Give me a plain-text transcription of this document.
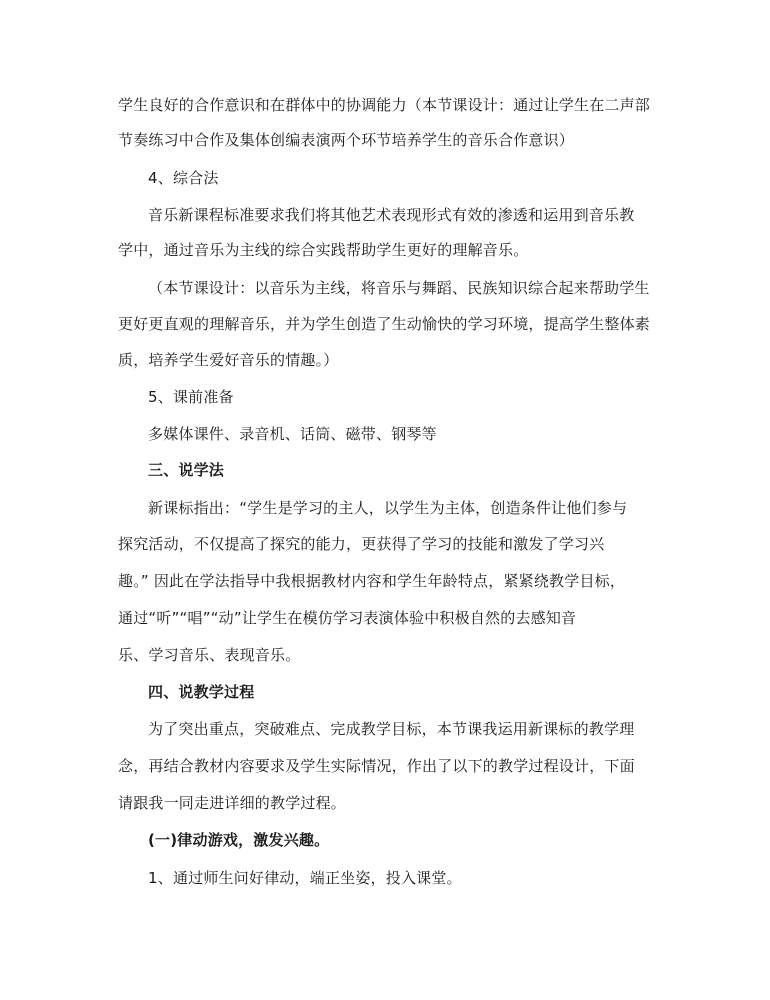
学生良好的合作意识和在群体中的协调能力（本节课设计：通过让学生在二声部
节奏练习中合作及集体创编表演两个环节培养学生的音乐合作意识）
4、综合法
音乐新课程标准要求我们将其他艺术表现形式有效的渗透和运用到音乐教
学中，通过音乐为主线的综合实践帮助学生更好的理解音乐。
（本节课设计：以音乐为主线，将音乐与舞蹈、民族知识综合起来帮助学生
更好更直观的理解音乐，并为学生创造了生动愉快的学习环境，提高学生整体素
质，培养学生爱好音乐的情趣。）
5、课前准备
多媒体课件、录音机、话筒、磁带、钢琴等
三、说学法
新课标指出：“学生是学习的主人，以学生为主体，创造条件让他们参与
探究活动，不仅提高了探究的能力，更获得了学习的技能和激发了学习兴
趣。” 因此在学法指导中我根据教材内容和学生年龄特点，紧紧绕教学目标，
通过“听”“唱”“动”让学生在模仿学习表演体验中积极自然的去感知音
乐、学习音乐、表现音乐。
四、说教学过程
为了突出重点，突破难点、完成教学目标，本节课我运用新课标的教学理
念，再结合教材内容要求及学生实际情况，作出了以下的教学过程设计，下面
请跟我一同走进详细的教学过程。
(一)律动游戏，激发兴趣。
1、通过师生问好律动，端正坐姿，投入课堂。
